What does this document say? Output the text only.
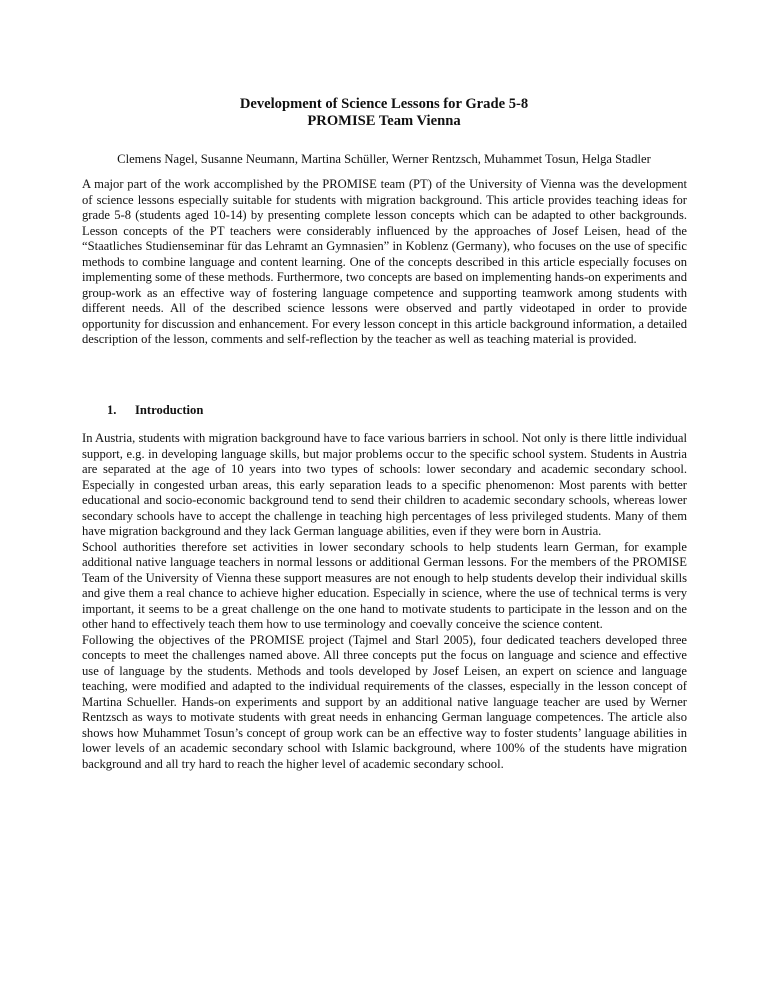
Development of Science Lessons for Grade 5-8

PROMISE Team Vienna

Clemens Nagel, Susanne Neumann, Martina Schüller, Werner Rentzsch, Muhammet Tosun, Helga Stadler

A major part of the work accomplished by the PROMISE team (PT) of the University of Vienna was the development of science lessons especially suitable for students with migration background. This article provides teaching ideas for grade 5-8 (students aged 10-14) by presenting complete lesson concepts which can be adapted to other backgrounds. Lesson concepts of the PT teachers were considerably influenced by the approaches of Josef Leisen, head of the “Staatliches Studienseminar für das Lehramt an Gymnasien” in Koblenz (Germany), who focuses on the use of specific methods to combine language and content learning. One of the concepts described in this article especially focuses on implementing some of these methods. Furthermore, two concepts are based on implementing hands-on experiments and group-work as an effective way of fostering language competence and supporting teamwork among students with different needs. All of the described science lessons were observed and partly videotaped in order to provide opportunity for discussion and enhancement. For every lesson concept in this article background information, a detailed description of the lesson, comments and self-reflection by the teacher as well as teaching material is provided.

1.	Introduction

In Austria, students with migration background have to face various barriers in school. Not only is there little individual support, e.g. in developing language skills, but major problems occur to the specific school system. Students in Austria are separated at the age of 10 years into two types of schools: lower secondary and academic secondary school. Especially in congested urban areas, this early separation leads to a specific phenomenon: Most parents with better educational and socio-economic background tend to send their children to academic secondary schools, whereas lower secondary schools have to accept the challenge in teaching high percentages of less privileged students. Many of them have migration background and they lack German language abilities, even if they were born in Austria.

School authorities therefore set activities in lower secondary schools to help students learn German, for example additional native language teachers in normal lessons or additional German lessons. For the members of the PROMISE Team of the University of Vienna these support measures are not enough to help students develop their individual skills and give them a real chance to achieve higher education. Especially in science, where the use of technical terms is very important, it seems to be a great challenge on the one hand to motivate students to participate in the lesson and on the other hand to effectively teach them how to use terminology and coevally conceive the science content.

Following the objectives of the PROMISE project (Tajmel and Starl 2005), four dedicated teachers developed three concepts to meet the challenges named above. All three concepts put the focus on language and science and effective use of language by the students. Methods and tools developed by Josef Leisen, an expert on science and language teaching, were modified and adapted to the individual requirements of the classes, especially in the lesson concept of Martina Schueller. Hands-on experiments and support by an additional native language teacher are used by Werner Rentzsch as ways to motivate students with great needs in enhancing German language competences. The article also shows how Muhammet Tosun’s concept of group work can be an effective way to foster students’ language abilities in lower levels of an academic secondary school with Islamic background, where 100% of the students have migration background and all try hard to reach the higher level of academic secondary school.
